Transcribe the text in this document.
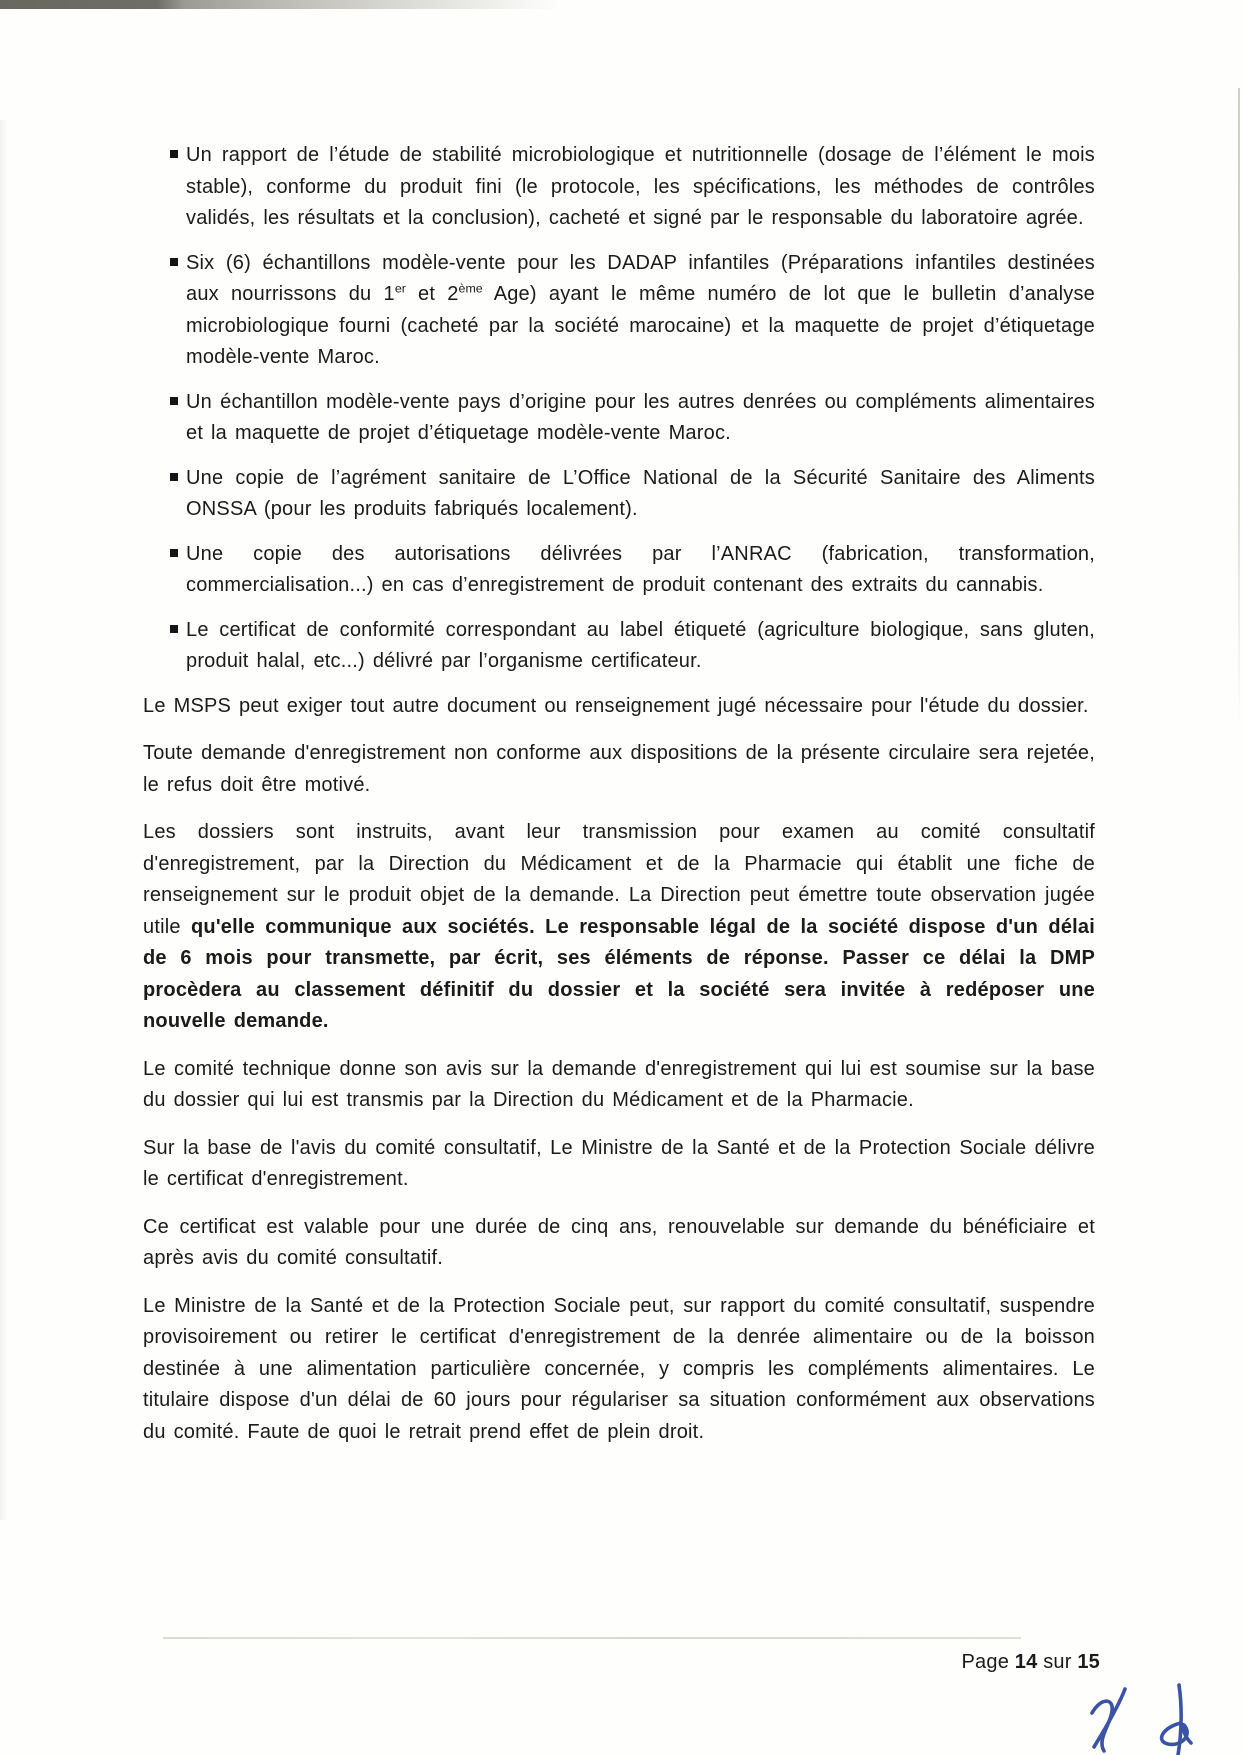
Un rapport de l’étude de stabilité microbiologique et nutritionnelle (dosage de l’élément le mois stable), conforme du produit fini (le protocole, les spécifications, les méthodes de contrôles validés, les résultats et la conclusion), cacheté et signé par le responsable du laboratoire agrée.
Six (6) échantillons modèle-vente pour les DADAP infantiles (Préparations infantiles destinées aux nourrissons du 1er et 2ème Age) ayant le même numéro de lot que le bulletin d’analyse microbiologique fourni (cacheté par la société marocaine) et la maquette de projet d’étiquetage modèle-vente Maroc.
Un échantillon modèle-vente pays d’origine pour les autres denrées ou compléments alimentaires et la maquette de projet d’étiquetage modèle-vente Maroc.
Une copie de l’agrément sanitaire de L’Office National de la Sécurité Sanitaire des Aliments ONSSA (pour les produits fabriqués localement).
Une copie des autorisations délivrées par l’ANRAC (fabrication, transformation, commercialisation...) en cas d’enregistrement de produit contenant des extraits du cannabis.
Le certificat de conformité correspondant au label étiqueté (agriculture biologique, sans gluten, produit halal, etc...) délivré par l’organisme certificateur.
Le MSPS peut exiger tout autre document ou renseignement jugé nécessaire pour l'étude du dossier.
Toute demande d'enregistrement non conforme aux dispositions de la présente circulaire sera rejetée, le refus doit être motivé.
Les dossiers sont instruits, avant leur transmission pour examen au comité consultatif d'enregistrement, par la Direction du Médicament et de la Pharmacie qui établit une fiche de renseignement sur le produit objet de la demande. La Direction peut émettre toute observation jugée utile qu'elle communique aux sociétés. Le responsable légal de la société dispose d'un délai de 6 mois pour transmette, par écrit, ses éléments de réponse. Passer ce délai la DMP procèdera au classement définitif du dossier et la société sera invitée à redéposer une nouvelle demande.
Le comité technique donne son avis sur la demande d'enregistrement qui lui est soumise sur la base du dossier qui lui est transmis par la Direction du Médicament et de la Pharmacie.
Sur la base de l'avis du comité consultatif, Le Ministre de la Santé et de la Protection Sociale délivre le certificat d'enregistrement.
Ce certificat est valable pour une durée de cinq ans, renouvelable sur demande du bénéficiaire et après avis du comité consultatif.
Le Ministre de la Santé et de la Protection Sociale peut, sur rapport du comité consultatif, suspendre provisoirement ou retirer le certificat d'enregistrement de la denrée alimentaire ou de la boisson destinée à une alimentation particulière concernée, y compris les compléments alimentaires. Le titulaire dispose d'un délai de 60 jours pour régulariser sa situation conformément aux observations du comité. Faute de quoi le retrait prend effet de plein droit.
Page 14 sur 15
